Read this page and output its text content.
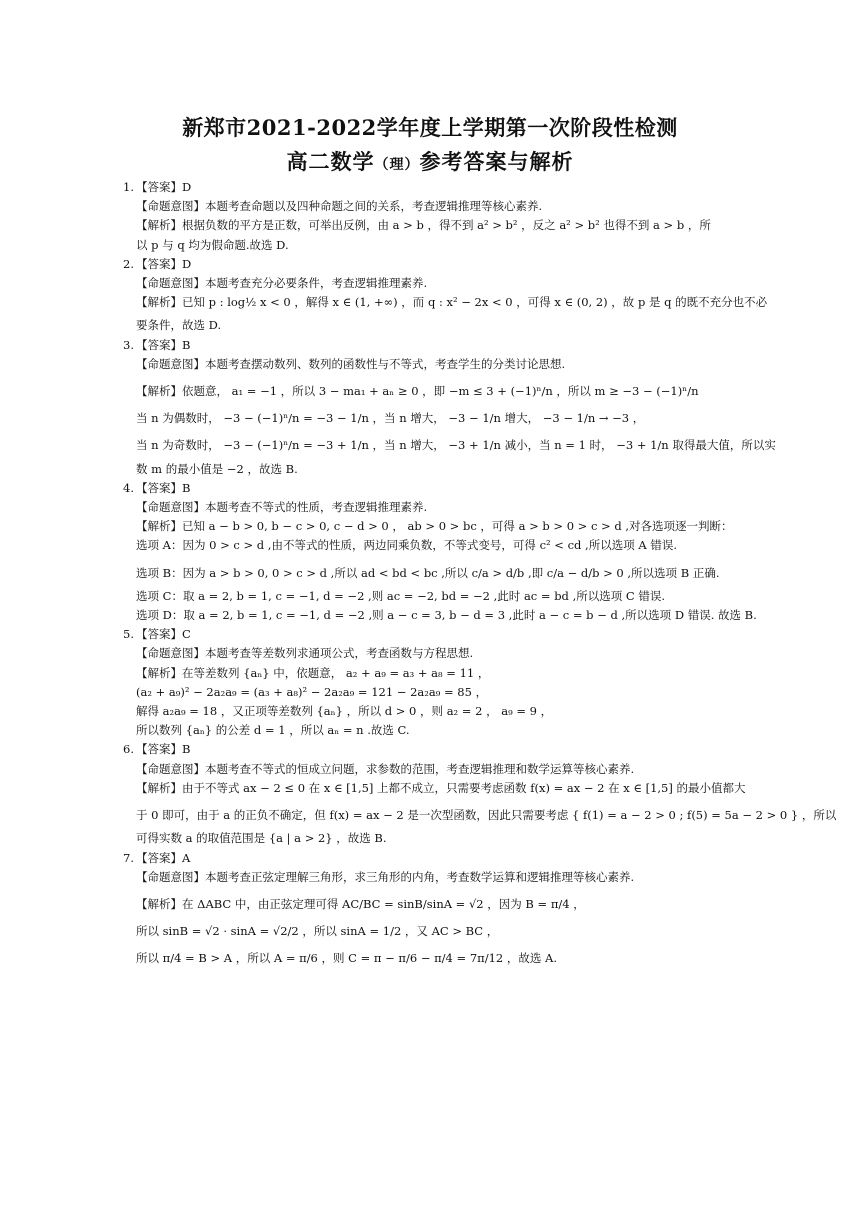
新郑市2021-2022学年度上学期第一次阶段性检测
高二数学（理）参考答案与解析

1. 【答案】D

【命题意图】本题考查命题以及四种命题之间的关系，考查逻辑推理等核心素养.

【解析】根据负数的平方是正数，可举出反例，由 a > b ，得不到 a² > b² ，反之 a² > b² 也得不到 a > b ，所

以 p 与 q 均为假命题.故选 D.

2. 【答案】D

【命题意图】本题考查充分必要条件，考查逻辑推理素养.

【解析】已知 p : log½ x < 0 ，解得 x ∈ (1, +∞) ，而 q : x² − 2x < 0 ，可得 x ∈ (0, 2) ，故 p 是 q 的既不充分也不必

要条件，故选 D.

3. 【答案】B

【命题意图】本题考查摆动数列、数列的函数性与不等式，考查学生的分类讨论思想.

【解析】依题意， a₁ = −1 ，所以 3 − ma₁ + aₙ ≥ 0 ，即 −m ≤ 3 + (−1)ⁿ/n ，所以 m ≥ −3 − (−1)ⁿ/n

当 n 为偶数时， −3 − (−1)ⁿ/n = −3 − 1/n ，当 n 增大， −3 − 1/n 增大， −3 − 1/n → −3 ，

当 n 为奇数时， −3 − (−1)ⁿ/n = −3 + 1/n ，当 n 增大， −3 + 1/n 减小，当 n = 1 时， −3 + 1/n 取得最大值，所以实

数 m 的最小值是 −2 ，故选 B.

4. 【答案】B

【命题意图】本题考查不等式的性质，考查逻辑推理素养.

【解析】已知 a − b > 0, b − c > 0, c − d > 0 ， ab > 0 > bc ，可得 a > b > 0 > c > d ,对各选项逐一判断：

选项 A：因为 0 > c > d ,由不等式的性质，两边同乘负数，不等式变号，可得 c² < cd ,所以选项 A 错误.

选项 B：因为 a > b > 0, 0 > c > d ,所以 ad < bd < bc ,所以 c/a > d/b ,即 c/a − d/b > 0 ,所以选项 B 正确.

选项 C：取 a = 2, b = 1, c = −1, d = −2 ,则 ac = −2, bd = −2 ,此时 ac = bd ,所以选项 C 错误.

选项 D：取 a = 2, b = 1, c = −1, d = −2 ,则 a − c = 3, b − d = 3 ,此时 a − c = b − d ,所以选项 D 错误. 故选 B.

5. 【答案】C

【命题意图】本题考查等差数列求通项公式，考查函数与方程思想.

【解析】在等差数列 {aₙ} 中，依题意， a₂ + a₉ = a₃ + a₈ = 11 ，

(a₂ + a₉)² − 2a₂a₉ = (a₃ + a₈)² − 2a₂a₉ = 121 − 2a₂a₉ = 85 ，

解得 a₂a₉ = 18 ，又正项等差数列 {aₙ} ，所以 d > 0 ，则 a₂ = 2 ， a₉ = 9 ，

所以数列 {aₙ} 的公差 d = 1 ，所以 aₙ = n .故选 C.

6. 【答案】B

【命题意图】本题考查不等式的恒成立问题，求参数的范围，考查逻辑推理和数学运算等核心素养.

【解析】由于不等式 ax − 2 ≤ 0 在 x ∈ [1,5] 上都不成立，只需要考虑函数 f(x) = ax − 2 在 x ∈ [1,5] 的最小值都大

于 0 即可，由于 a 的正负不确定，但 f(x) = ax − 2 是一次型函数，因此只需要考虑 { f(1) = a − 2 > 0 ; f(5) = 5a − 2 > 0 } ，所以

可得实数 a 的取值范围是 {a | a > 2} ，故选 B.

7. 【答案】A

【命题意图】本题考查正弦定理解三角形，求三角形的内角，考查数学运算和逻辑推理等核心素养.

【解析】在 ΔABC 中，由正弦定理可得 AC/BC = sinB/sinA = √2 ，因为 B = π/4 ，

所以 sinB = √2 · sinA = √2/2 ，所以 sinA = 1/2 ，又 AC > BC ，

所以 π/4 = B > A ，所以 A = π/6 ，则 C = π − π/6 − π/4 = 7π/12 ，故选 A.
